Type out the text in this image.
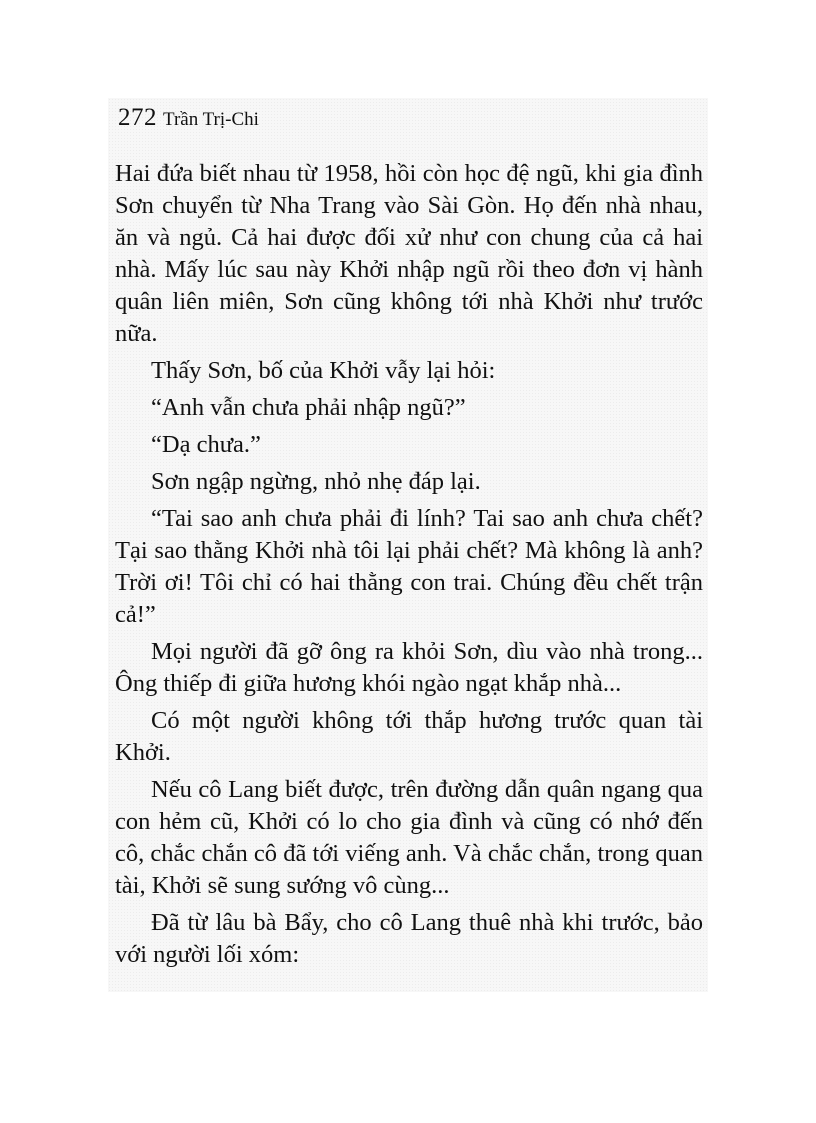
272 Trần Trị-Chi

Hai đứa biết nhau từ 1958, hồi còn học đệ ngũ, khi gia đình Sơn chuyển từ Nha Trang vào Sài Gòn. Họ đến nhà nhau, ăn và ngủ. Cả hai được đối xử như con chung của cả hai nhà. Mấy lúc sau này Khởi nhập ngũ rồi theo đơn vị hành quân liên miên, Sơn cũng không tới nhà Khởi như trước nữa.

Thấy Sơn, bố của Khởi vẫy lại hỏi:

“Anh vẫn chưa phải nhập ngũ?”

“Dạ chưa.”

Sơn ngập ngừng, nhỏ nhẹ đáp lại.

“Tai sao anh chưa phải đi lính? Tai sao anh chưa chết? Tại sao thằng Khởi nhà tôi lại phải chết? Mà không là anh? Trời ơi! Tôi chỉ có hai thằng con trai. Chúng đều chết trận cả!”

Mọi người đã gỡ ông ra khỏi Sơn, dìu vào nhà trong... Ông thiếp đi giữa hương khói ngào ngạt khắp nhà...

Có một người không tới thắp hương trước quan tài Khởi.

Nếu cô Lang biết được, trên đường dẫn quân ngang qua con hẻm cũ, Khởi có lo cho gia đình và cũng có nhớ đến cô, chắc chắn cô đã tới viếng anh. Và chắc chắn, trong quan tài, Khởi sẽ sung sướng vô cùng...

Đã từ lâu bà Bẩy, cho cô Lang thuê nhà khi trước, bảo với người lối xóm:
